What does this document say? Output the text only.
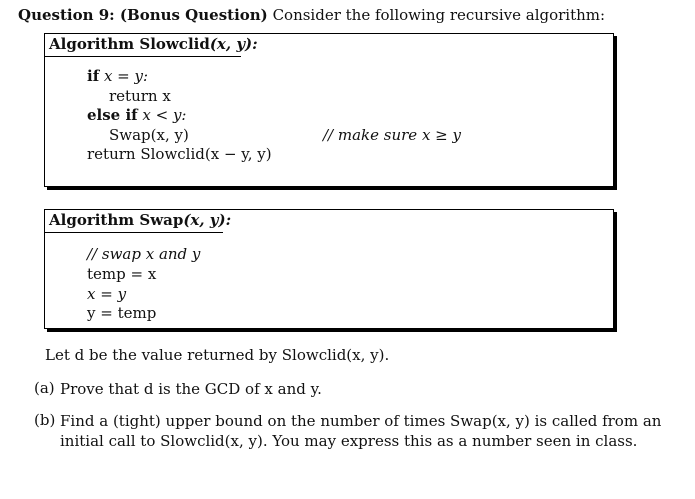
Question 9: (Bonus Question) Consider the following recursive algorithm:
Algorithm Slowclid(x, y):
if x = y:
return x
else if x < y:
Swap(x, y)	// make sure x ≥ y
return Slowclid(x − y, y)
Algorithm Swap(x, y):
// swap x and y
temp = x
x = y
y = temp
Let d be the value returned by Slowclid(x, y).
(a) Prove that d is the GCD of x and y.
(b) Find a (tight) upper bound on the number of times Swap(x, y) is called from an initial call to Slowclid(x, y). You may express this as a number seen in class.
